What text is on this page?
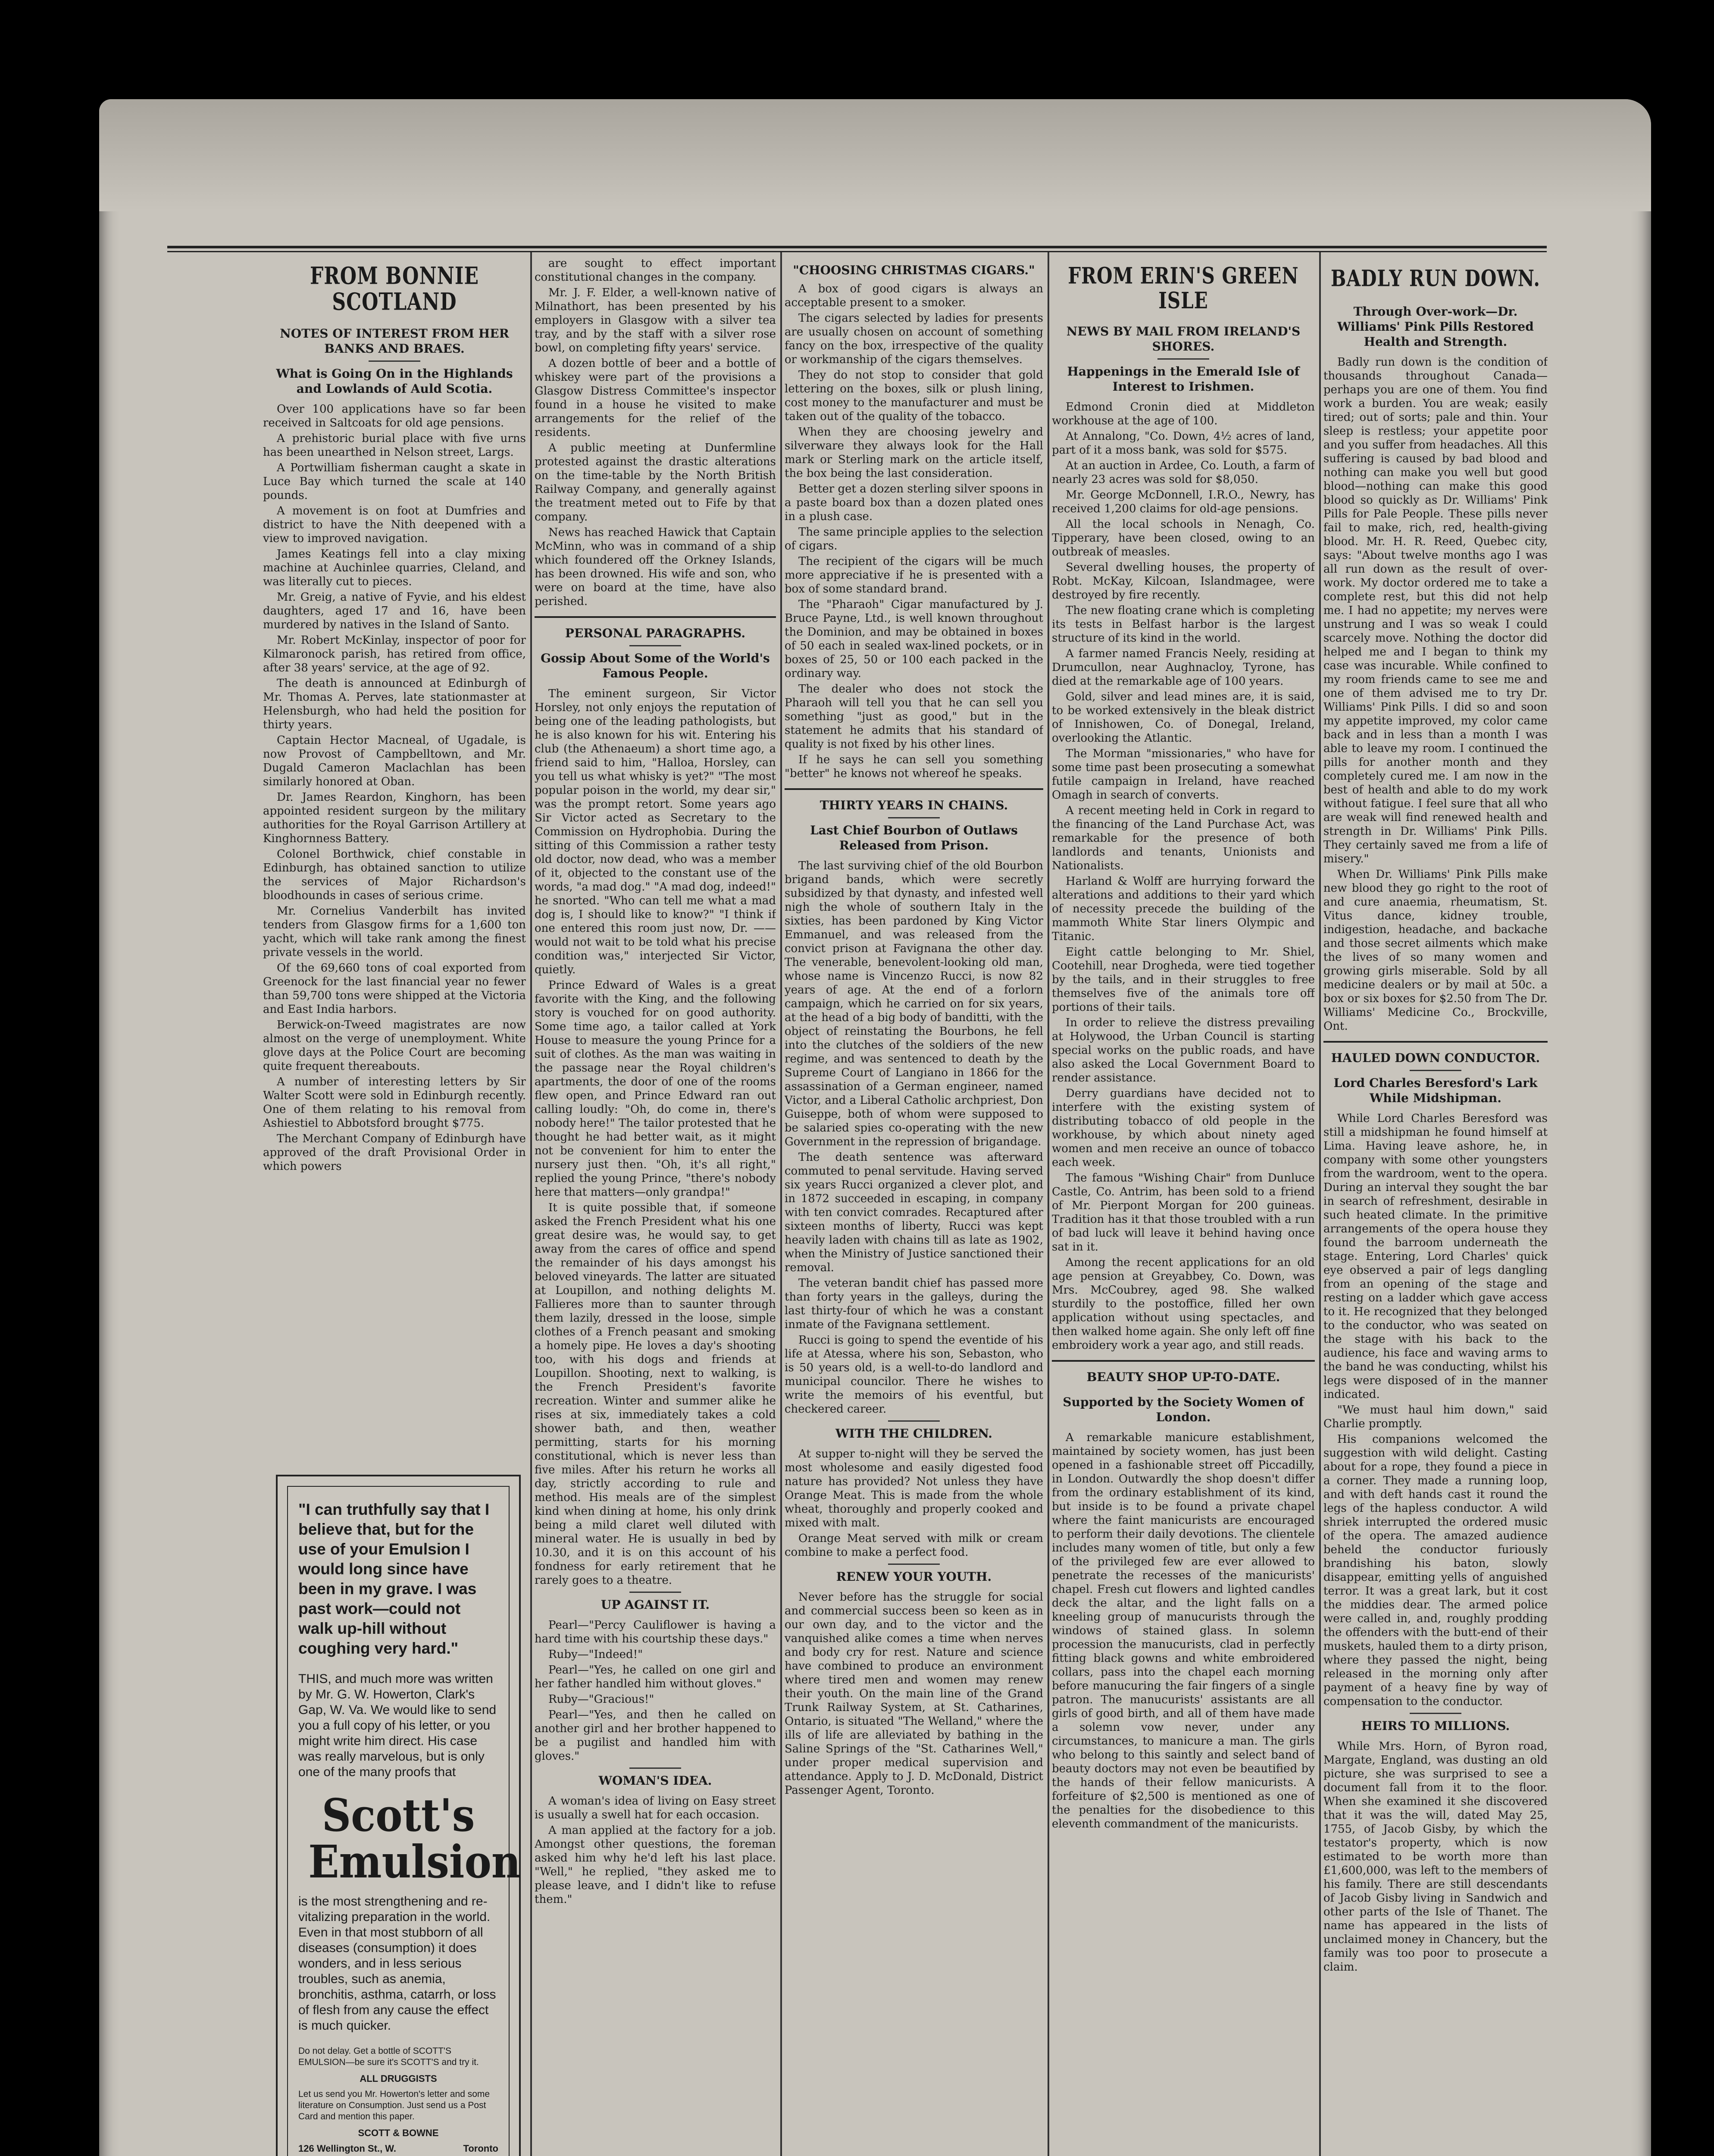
FROM BONNIE SCOTLAND
NOTES OF INTEREST FROM HER BANKS AND BRAES.
What is Going On in the Highlands and Lowlands of Auld Scotia.

Over 100 applications have so far been received in Saltcoats for old age pensions.

A prehistoric burial place with five urns has been unearthed in Nelson street, Largs.

A Portwilliam fisherman caught a skate in Luce Bay which turned the scale at 140 pounds.

A movement is on foot at Dumfries and district to have the Nith deepened with a view to improved navigation.

James Keatings fell into a clay mixing machine at Auchinlee quarries, Cleland, and was literally cut to pieces.

Mr. Greig, a native of Fyvie, and his eldest daughters, aged 17 and 16, have been murdered by natives in the Island of Santo.

Mr. Robert McKinlay, inspector of poor for Kilmaronock parish, has retired from office, after 38 years' service, at the age of 92.

The death is announced at Edinburgh of Mr. Thomas A. Perves, late stationmaster at Helensburgh, who had held the position for thirty years.

Captain Hector Macneal, of Ugadale, is now Provost of Campbelltown, and Mr. Dugald Cameron Maclachlan has been similarly honored at Oban.

Dr. James Reardon, Kinghorn, has been appointed resident surgeon by the military authorities for the Royal Garrison Artillery at Kinghornness Battery.

Colonel Borthwick, chief constable in Edinburgh, has obtained sanction to utilize the services of Major Richardson's bloodhounds in cases of serious crime.

Mr. Cornelius Vanderbilt has invited tenders from Glasgow firms for a 1,600 ton yacht, which will take rank among the finest private vessels in the world.

Of the 69,660 tons of coal exported from Greenock for the last financial year no fewer than 59,700 tons were shipped at the Victoria and East India harbors.

Berwick-on-Tweed magistrates are now almost on the verge of unemployment. White glove days at the Police Court are becoming quite frequent thereabouts.

A number of interesting letters by Sir Walter Scott were sold in Edinburgh recently. One of them relating to his removal from Ashiestiel to Abbotsford brought $775.

The Merchant Company of Edinburgh have approved of the draft Provisional Order in which powers

"I can truthfully say that I believe that, but for the use of your Emulsion I would long since have been in my grave. I was past work—could not walk up-hill without coughing very hard."
THIS, and much more was written by Mr. G. W. Howerton, Clark's Gap, W. Va. We would like to send you a full copy of his letter, or you might write him direct. His case was really marvelous, but is only one of the many proofs that
Scott's Emulsion
is the most strengthening and re-vitalizing preparation in the world. Even in that most stubborn of all diseases (consumption) it does wonders, and in less serious troubles, such as anemia, bronchitis, asthma, catarrh, or loss of flesh from any cause the effect is much quicker.
Do not delay. Get a bottle of SCOTT'S EMULSION—be sure it's SCOTT'S and try it.
ALL DRUGGISTS
Let us send you Mr. Howerton's letter and some literature on Consumption. Just send us a Post Card and mention this paper.
SCOTT & BOWNE
126 Wellington St., W.	Toronto

are sought to effect important constitutional changes in the company.

Mr. J. F. Elder, a well-known native of Milnathort, has been presented by his employers in Glasgow with a silver tea tray, and by the staff with a silver rose bowl, on completing fifty years' service.

A dozen bottle of beer and a bottle of whiskey were part of the provisions a Glasgow Distress Committee's inspector found in a house he visited to make arrangements for the relief of the residents.

A public meeting at Dunfermline protested against the drastic alterations on the time-table by the North British Railway Company, and generally against the treatment meted out to Fife by that company.

News has reached Hawick that Captain McMinn, who was in command of a ship which foundered off the Orkney Islands, has been drowned. His wife and son, who were on board at the time, have also perished.

PERSONAL PARAGRAPHS.
Gossip About Some of the World's Famous People.

The eminent surgeon, Sir Victor Horsley, not only enjoys the reputation of being one of the leading pathologists, but he is also known for his wit. Entering his club (the Athenaeum) a short time ago, a friend said to him, "Halloa, Horsley, can you tell us what whisky is yet?" "The most popular poison in the world, my dear sir," was the prompt retort. Some years ago Sir Victor acted as Secretary to the Commission on Hydrophobia. During the sitting of this Commission a rather testy old doctor, now dead, who was a member of it, objected to the constant use of the words, "a mad dog." "A mad dog, indeed!" he snorted. "Who can tell me what a mad dog is, I should like to know?" "I think if one entered this room just now, Dr. —— would not wait to be told what his precise condition was," interjected Sir Victor, quietly.

Prince Edward of Wales is a great favorite with the King, and the following story is vouched for on good authority. Some time ago, a tailor called at York House to measure the young Prince for a suit of clothes. As the man was waiting in the passage near the Royal children's apartments, the door of one of the rooms flew open, and Prince Edward ran out calling loudly: "Oh, do come in, there's nobody here!" The tailor protested that he thought he had better wait, as it might not be convenient for him to enter the nursery just then. "Oh, it's all right," replied the young Prince, "there's nobody here that matters—only grandpa!"

It is quite possible that, if someone asked the French President what his one great desire was, he would say, to get away from the cares of office and spend the remainder of his days amongst his beloved vineyards. The latter are situated at Loupillon, and nothing delights M. Fallieres more than to saunter through them lazily, dressed in the loose, simple clothes of a French peasant and smoking a homely pipe. He loves a day's shooting too, with his dogs and friends at Loupillon. Shooting, next to walking, is the French President's favorite recreation. Winter and summer alike he rises at six, immediately takes a cold shower bath, and then, weather permitting, starts for his morning constitutional, which is never less than five miles. After his return he works all day, strictly according to rule and method. His meals are of the simplest kind when dining at home, his only drink being a mild claret well diluted with mineral water. He is usually in bed by 10.30, and it is on this account of his fondness for early retirement that he rarely goes to a theatre.

UP AGAINST IT.

Pearl—"Percy Cauliflower is having a hard time with his courtship these days."

Ruby—"Indeed!"

Pearl—"Yes, he called on one girl and her father handled him without gloves."

Ruby—"Gracious!"

Pearl—"Yes, and then he called on another girl and her brother happened to be a pugilist and handled him with gloves."

WOMAN'S IDEA.

A woman's idea of living on Easy street is usually a swell hat for each occasion.

A man applied at the factory for a job. Amongst other questions, the foreman asked him why he'd left his last place. "Well," he replied, "they asked me to please leave, and I didn't like to refuse them."

"CHOOSING CHRISTMAS CIGARS."

A box of good cigars is always an acceptable present to a smoker.

The cigars selected by ladies for presents are usually chosen on account of something fancy on the box, irrespective of the quality or workmanship of the cigars themselves.

They do not stop to consider that gold lettering on the boxes, silk or plush lining, cost money to the manufacturer and must be taken out of the quality of the tobacco.

When they are choosing jewelry and silverware they always look for the Hall mark or Sterling mark on the article itself, the box being the last consideration.

Better get a dozen sterling silver spoons in a paste board box than a dozen plated ones in a plush case.

The same principle applies to the selection of cigars.

The recipient of the cigars will be much more appreciative if he is presented with a box of some standard brand.

The "Pharaoh" Cigar manufactured by J. Bruce Payne, Ltd., is well known throughout the Dominion, and may be obtained in boxes of 50 each in sealed wax-lined pockets, or in boxes of 25, 50 or 100 each packed in the ordinary way.

The dealer who does not stock the Pharaoh will tell you that he can sell you something "just as good," but in the statement he admits that his standard of quality is not fixed by his other lines.

If he says he can sell you something "better" he knows not whereof he speaks.

THIRTY YEARS IN CHAINS.
Last Chief Bourbon of Outlaws Released from Prison.

The last surviving chief of the old Bourbon brigand bands, which were secretly subsidized by that dynasty, and infested well nigh the whole of southern Italy in the sixties, has been pardoned by King Victor Emmanuel, and was released from the convict prison at Favignana the other day. The venerable, benevolent-looking old man, whose name is Vincenzo Rucci, is now 82 years of age. At the end of a forlorn campaign, which he carried on for six years, at the head of a big body of banditti, with the object of reinstating the Bourbons, he fell into the clutches of the soldiers of the new regime, and was sentenced to death by the Supreme Court of Langiano in 1866 for the assassination of a German engineer, named Victor, and a Liberal Catholic archpriest, Don Guiseppe, both of whom were supposed to be salaried spies co-operating with the new Government in the repression of brigandage.

The death sentence was afterward commuted to penal servitude. Having served six years Rucci organized a clever plot, and in 1872 succeeded in escaping, in company with ten convict comrades. Recaptured after sixteen months of liberty, Rucci was kept heavily laden with chains till as late as 1902, when the Ministry of Justice sanctioned their removal.

The veteran bandit chief has passed more than forty years in the galleys, during the last thirty-four of which he was a constant inmate of the Favignana settlement.

Rucci is going to spend the eventide of his life at Atessa, where his son, Sebaston, who is 50 years old, is a well-to-do landlord and municipal councilor. There he wishes to write the memoirs of his eventful, but checkered career.

WITH THE CHILDREN.

At supper to-night will they be served the most wholesome and easily digested food nature has provided? Not unless they have Orange Meat. This is made from the whole wheat, thoroughly and properly cooked and mixed with malt.

Orange Meat served with milk or cream combine to make a perfect food.

RENEW YOUR YOUTH.

Never before has the struggle for social and commercial success been so keen as in our own day, and to the victor and the vanquished alike comes a time when nerves and body cry for rest. Nature and science have combined to produce an environment where tired men and women may renew their youth. On the main line of the Grand Trunk Railway System, at St. Catharines, Ontario, is situated "The Welland," where the ills of life are alleviated by bathing in the Saline Springs of the "St. Catharines Well," under proper medical supervision and attendance. Apply to J. D. McDonald, District Passenger Agent, Toronto.

FROM ERIN'S GREEN ISLE
NEWS BY MAIL FROM IRELAND'S SHORES.
Happenings in the Emerald Isle of Interest to Irishmen.

Edmond Cronin died at Middleton workhouse at the age of 100.

At Annalong, "Co. Down, 4½ acres of land, part of it a moss bank, was sold for $575.

At an auction in Ardee, Co. Louth, a farm of nearly 23 acres was sold for $8,050.

Mr. George McDonnell, I.R.O., Newry, has received 1,200 claims for old-age pensions.

All the local schools in Nenagh, Co. Tipperary, have been closed, owing to an outbreak of measles.

Several dwelling houses, the property of Robt. McKay, Kilcoan, Islandmagee, were destroyed by fire recently.

The new floating crane which is completing its tests in Belfast harbor is the largest structure of its kind in the world.

A farmer named Francis Neely, residing at Drumcullon, near Aughnacloy, Tyrone, has died at the remarkable age of 100 years.

Gold, silver and lead mines are, it is said, to be worked extensively in the bleak district of Innishowen, Co. of Donegal, Ireland, overlooking the Atlantic.

The Morman "missionaries," who have for some time past been prosecuting a somewhat futile campaign in Ireland, have reached Omagh in search of converts.

A recent meeting held in Cork in regard to the financing of the Land Purchase Act, was remarkable for the presence of both landlords and tenants, Unionists and Nationalists.

Harland & Wolff are hurrying forward the alterations and additions to their yard which of necessity precede the building of the mammoth White Star liners Olympic and Titanic.

Eight cattle belonging to Mr. Shiel, Cootehill, near Drogheda, were tied together by the tails, and in their struggles to free themselves five of the animals tore off portions of their tails.

In order to relieve the distress prevailing at Holywood, the Urban Council is starting special works on the public roads, and have also asked the Local Government Board to render assistance.

Derry guardians have decided not to interfere with the existing system of distributing tobacco of old people in the workhouse, by which about ninety aged women and men receive an ounce of tobacco each week.

The famous "Wishing Chair" from Dunluce Castle, Co. Antrim, has been sold to a friend of Mr. Pierpont Morgan for 200 guineas. Tradition has it that those troubled with a run of bad luck will leave it behind having once sat in it.

Among the recent applications for an old age pension at Greyabbey, Co. Down, was Mrs. McCoubrey, aged 98. She walked sturdily to the postoffice, filled her own application without using spectacles, and then walked home again. She only left off fine embroidery work a year ago, and still reads.

BEAUTY SHOP UP-TO-DATE.
Supported by the Society Women of London.

A remarkable manicure establishment, maintained by society women, has just been opened in a fashionable street off Piccadilly, in London. Outwardly the shop doesn't differ from the ordinary establishment of its kind, but inside is to be found a private chapel where the faint manicurists are encouraged to perform their daily devotions. The clientele includes many women of title, but only a few of the privileged few are ever allowed to penetrate the recesses of the manicurists' chapel. Fresh cut flowers and lighted candles deck the altar, and the light falls on a kneeling group of manucurists through the windows of stained glass. In solemn procession the manucurists, clad in perfectly fitting black gowns and white embroidered collars, pass into the chapel each morning before manucuring the fair fingers of a single patron. The manucurists' assistants are all girls of good birth, and all of them have made a solemn vow never, under any circumstances, to manicure a man. The girls who belong to this saintly and select band of beauty doctors may not even be beautified by the hands of their fellow manicurists. A forfeiture of $2,500 is mentioned as one of the penalties for the disobedience to this eleventh commandment of the manicurists.

BADLY RUN DOWN.
Through Over-work—Dr. Williams' Pink Pills Restored Health and Strength.

Badly run down is the condition of thousands throughout Canada—perhaps you are one of them. You find work a burden. You are weak; easily tired; out of sorts; pale and thin. Your sleep is restless; your appetite poor and you suffer from headaches. All this suffering is caused by bad blood and nothing can make you well but good blood—nothing can make this good blood so quickly as Dr. Williams' Pink Pills for Pale People. These pills never fail to make, rich, red, health-giving blood. Mr. H. R. Reed, Quebec city, says: "About twelve months ago I was all run down as the result of over-work. My doctor ordered me to take a complete rest, but this did not help me. I had no appetite; my nerves were unstrung and I was so weak I could scarcely move. Nothing the doctor did helped me and I began to think my case was incurable. While confined to my room friends came to see me and one of them advised me to try Dr. Williams' Pink Pills. I did so and soon my appetite improved, my color came back and in less than a month I was able to leave my room. I continued the pills for another month and they completely cured me. I am now in the best of health and able to do my work without fatigue. I feel sure that all who are weak will find renewed health and strength in Dr. Williams' Pink Pills. They certainly saved me from a life of misery."

When Dr. Williams' Pink Pills make new blood they go right to the root of and cure anaemia, rheumatism, St. Vitus dance, kidney trouble, indigestion, headache, and backache and those secret ailments which make the lives of so many women and growing girls miserable. Sold by all medicine dealers or by mail at 50c. a box or six boxes for $2.50 from The Dr. Williams' Medicine Co., Brockville, Ont.

HAULED DOWN CONDUCTOR.
Lord Charles Beresford's Lark While Midshipman.

While Lord Charles Beresford was still a midshipman he found himself at Lima. Having leave ashore, he, in company with some other youngsters from the wardroom, went to the opera. During an interval they sought the bar in search of refreshment, desirable in such heated climate. In the primitive arrangements of the opera house they found the barroom underneath the stage. Entering, Lord Charles' quick eye observed a pair of legs dangling from an opening of the stage and resting on a ladder which gave access to it. He recognized that they belonged to the conductor, who was seated on the stage with his back to the audience, his face and waving arms to the band he was conducting, whilst his legs were disposed of in the manner indicated.

"We must haul him down," said Charlie promptly.

His companions welcomed the suggestion with wild delight. Casting about for a rope, they found a piece in a corner. They made a running loop, and with deft hands cast it round the legs of the hapless conductor. A wild shriek interrupted the ordered music of the opera. The amazed audience beheld the conductor furiously brandishing his baton, slowly disappear, emitting yells of anguished terror. It was a great lark, but it cost the middies dear. The armed police were called in, and, roughly prodding the offenders with the butt-end of their muskets, hauled them to a dirty prison, where they passed the night, being released in the morning only after payment of a heavy fine by way of compensation to the conductor.

HEIRS TO MILLIONS.

While Mrs. Horn, of Byron road, Margate, England, was dusting an old picture, she was surprised to see a document fall from it to the floor. When she examined it she discovered that it was the will, dated May 25, 1755, of Jacob Gisby, by which the testator's property, which is now estimated to be worth more than £1,600,000, was left to the members of his family. There are still descendants of Jacob Gisby living in Sandwich and other parts of the Isle of Thanet. The name has appeared in the lists of unclaimed money in Chancery, but the family was too poor to prosecute a claim.
